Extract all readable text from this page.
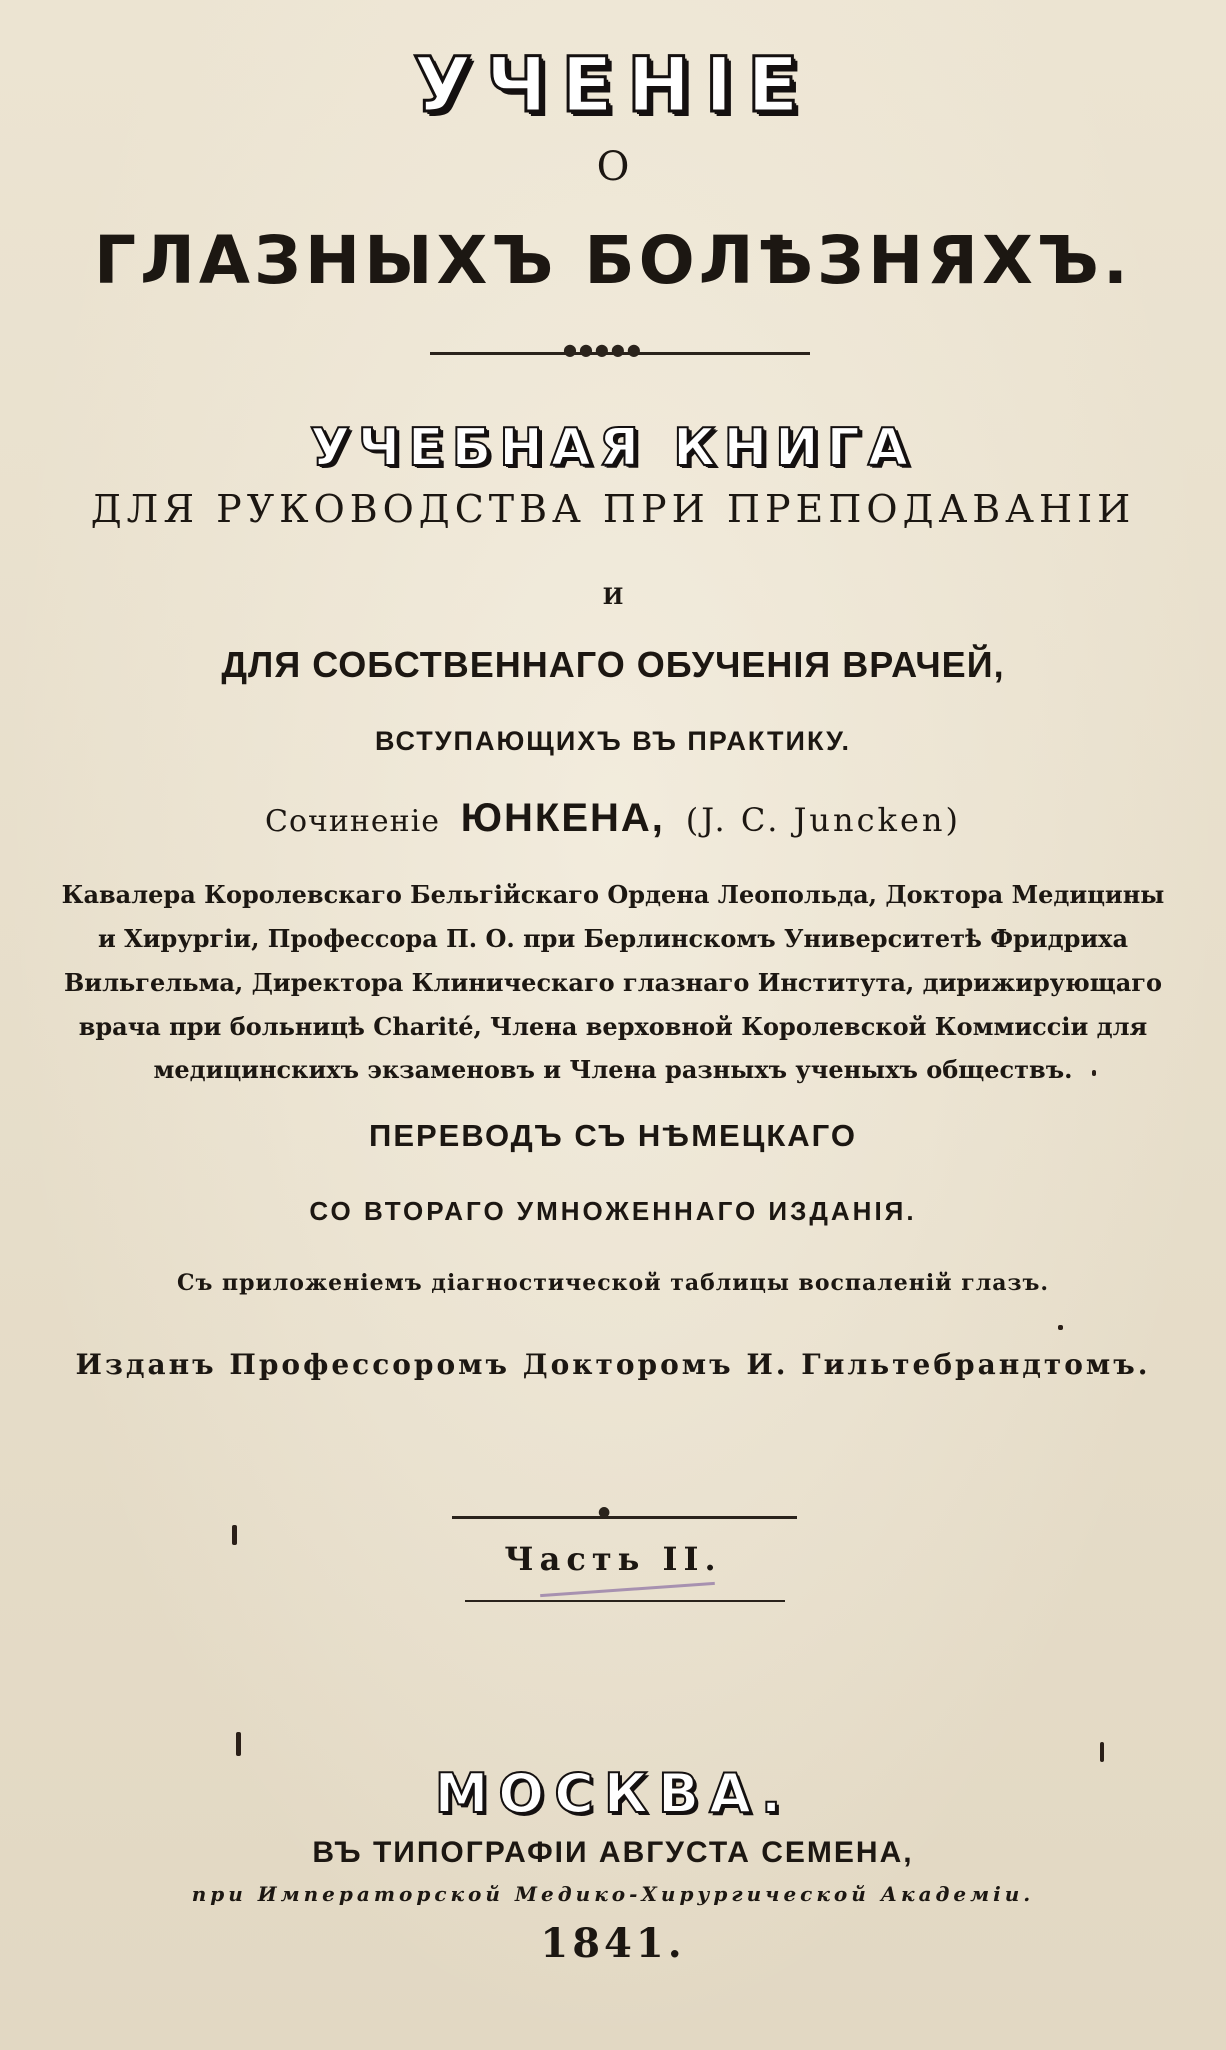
УЧЕНІЕ
О
ГЛАЗНЫХЪ БОЛѢЗНЯХЪ.
●●●●●
УЧЕБНАЯ КНИГА
ДЛЯ РУКОВОДСТВА ПРИ ПРЕПОДАВАНІИ
И
ДЛЯ СОБСТВЕННАГО ОБУЧЕНІЯ ВРАЧЕЙ,
ВСТУПАЮЩИХЪ ВЪ ПРАКТИКУ.
Сочиненіе ЮНКЕНА, (J. C. Juncken)
Кавалера Королевскаго Бельгійскаго Ордена Леопольда, Доктора Медицины
и Хирургіи, Професcора П. О. при Берлинскомъ Университетѣ Фридриха
Вильгельма, Директора Клиническаго глазнаго Института, дирижирующаго
врача при больницѣ Charité, Члена верховной Королевской Коммиссіи для
медицинскихъ экзаменовъ и Члена разныхъ ученыхъ обществъ.
ПЕРЕВОДЪ СЪ НѢМЕЦКАГО
СО ВТОРАГО УМНОЖЕННАГО ИЗДАНІЯ.
Съ приложеніемъ діагностической таблицы воспаленій глазъ.
Изданъ Професcоромъ Докторомъ И. Гильтебрандтомъ.
●
Часть II.
МОСКВА.
ВЪ ТИПОГРАФІИ АВГУСТА СЕМЕНА,
при Императорской Медико-Хирургической Академіи.
1841.
